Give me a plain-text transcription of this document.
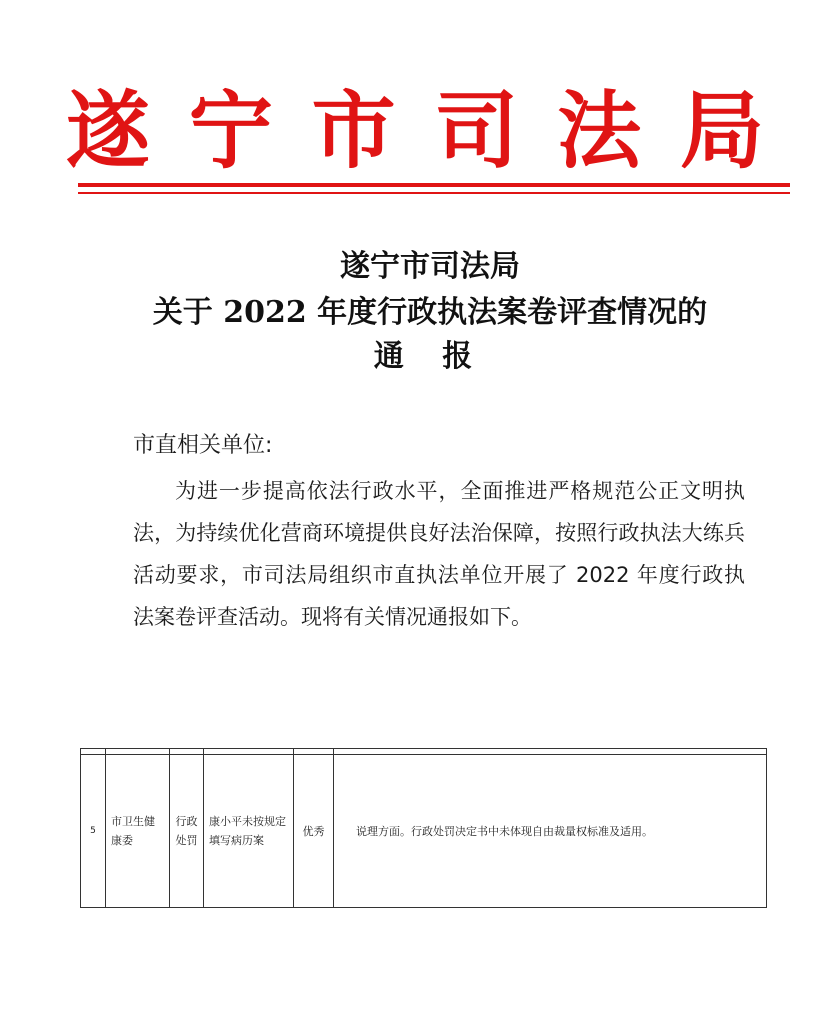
遂 宁 市 司 法 局
遂宁市司法局
关于 2022 年度行政执法案卷评查情况的
通 报
市直相关单位:

为进一步提高依法行政水平，全面推进严格规范公正文明执法，为持续优化营商环境提供良好法治保障，按照行政执法大练兵活动要求，市司法局组织市直执法单位开展了 2022 年度行政执法案卷评查活动。现将有关情况通报如下。

5	市卫生健康委	行政处罚	康小平未按规定填写病历案	优秀	说理方面。行政处罚决定书中未体现自由裁量权标准及适用。
